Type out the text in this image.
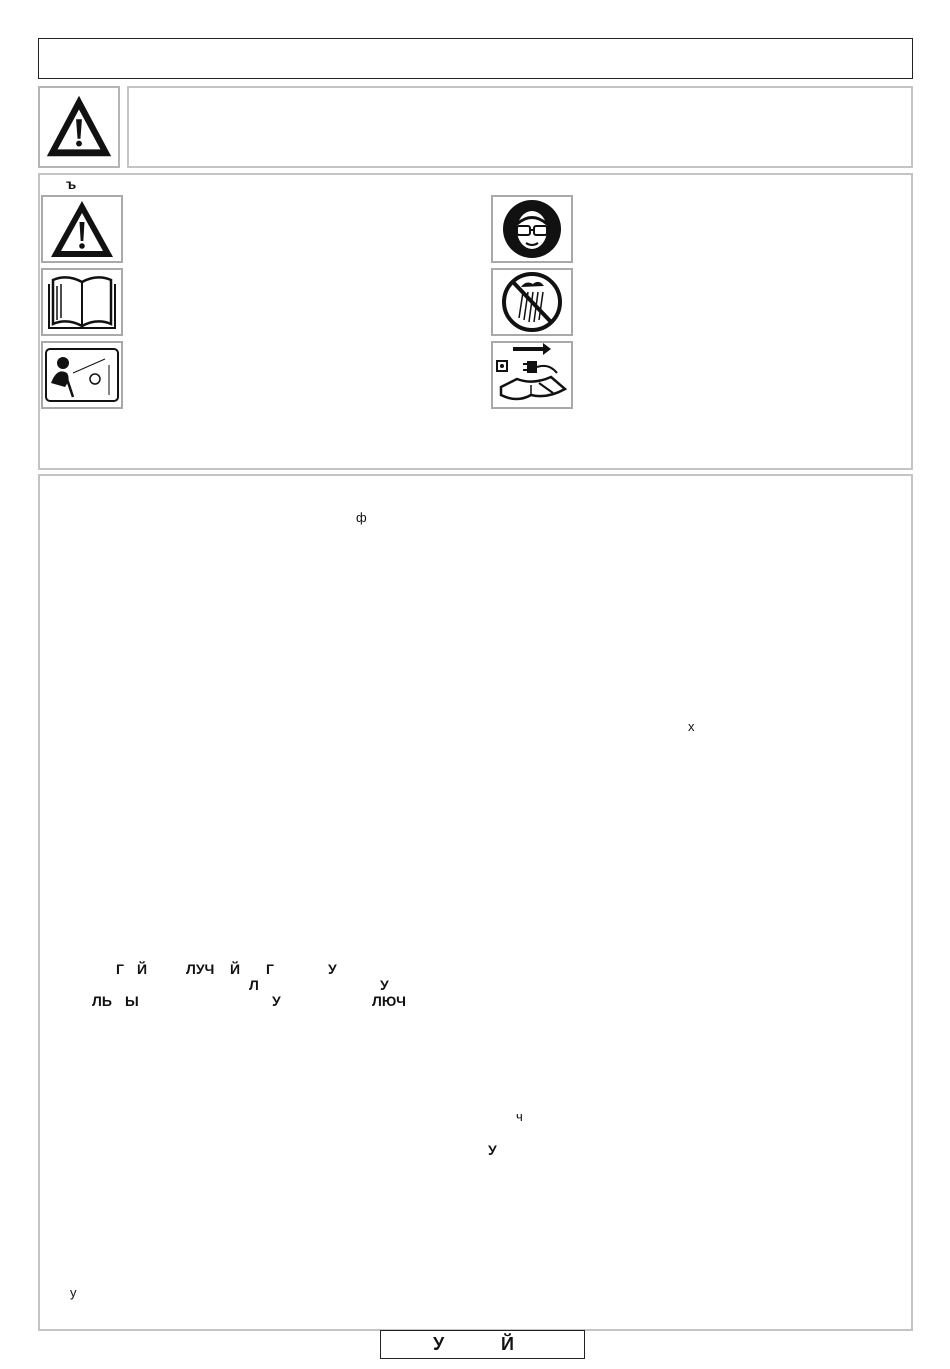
ъ
ф
х
Г Й	ЛУЧ Й Г	У
Л	У
ЛЬ Ы	У	ЛЮЧ
ч
У
у
У	Й
